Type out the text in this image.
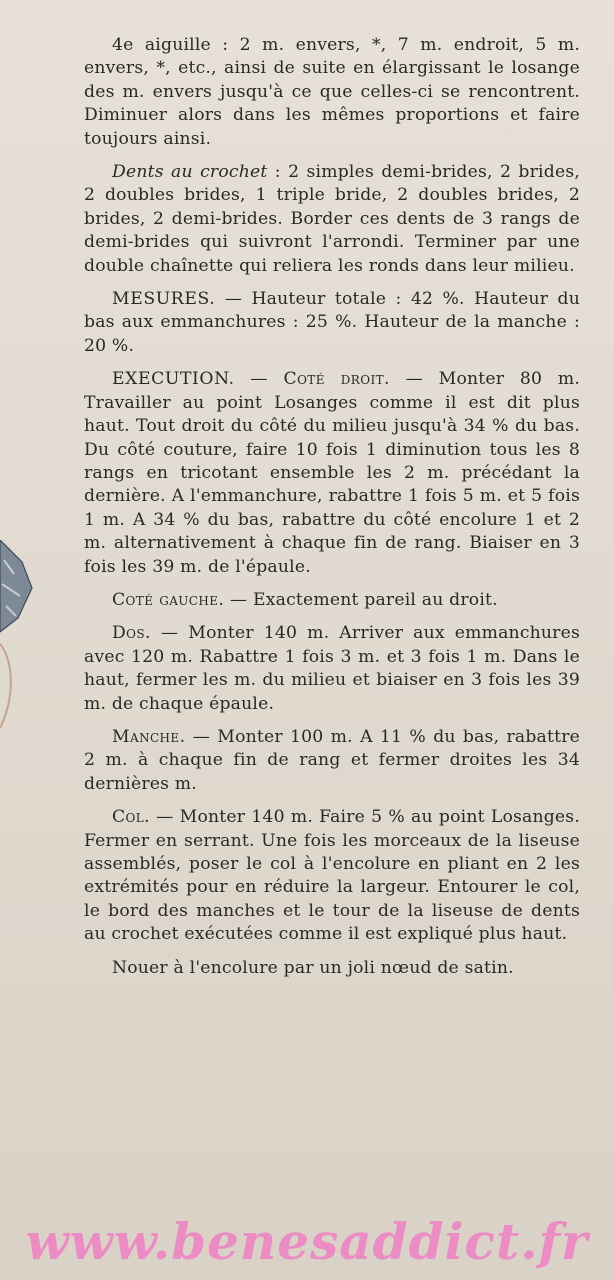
4e aiguille : 2 m. envers, *, 7 m. endroit, 5 m. envers, *, etc., ainsi de suite en élargissant le losange des m. envers jusqu'à ce que celles-ci se rencontrent. Diminuer alors dans les mêmes proportions et faire toujours ainsi.

Dents au crochet : 2 simples demi-brides, 2 brides, 2 doubles brides, 1 triple bride, 2 doubles brides, 2 brides, 2 demi-brides. Border ces dents de 3 rangs de demi-brides qui suivront l'arrondi. Terminer par une double chaînette qui reliera les ronds dans leur milieu.

MESURES. — Hauteur totale : 42 %. Hauteur du bas aux emmanchures : 25 %. Hauteur de la manche : 20 %.

EXECUTION. — Coté droit. — Monter 80 m. Travailler au point Losanges comme il est dit plus haut. Tout droit du côté du milieu jusqu'à 34 % du bas. Du côté couture, faire 10 fois 1 diminution tous les 8 rangs en tricotant ensemble les 2 m. précédant la dernière. A l'emmanchure, rabattre 1 fois 5 m. et 5 fois 1 m. A 34 % du bas, rabattre du côté encolure 1 et 2 m. alternativement à chaque fin de rang. Biaiser en 3 fois les 39 m. de l'épaule.

Coté gauche. — Exactement pareil au droit.

Dos. — Monter 140 m. Arriver aux emmanchures avec 120 m. Rabattre 1 fois 3 m. et 3 fois 1 m. Dans le haut, fermer les m. du milieu et biaiser en 3 fois les 39 m. de chaque épaule.

Manche. — Monter 100 m. A 11 % du bas, rabattre 2 m. à chaque fin de rang et fermer droites les 34 dernières m.

Col. — Monter 140 m. Faire 5 % au point Losanges. Fermer en serrant. Une fois les morceaux de la liseuse assemblés, poser le col à l'encolure en pliant en 2 les extrémités pour en réduire la largeur. Entourer le col, le bord des manches et le tour de la liseuse de dents au crochet exécutées comme il est expliqué plus haut.

Nouer à l'encolure par un joli nœud de satin.

www.benesaddict.fr
